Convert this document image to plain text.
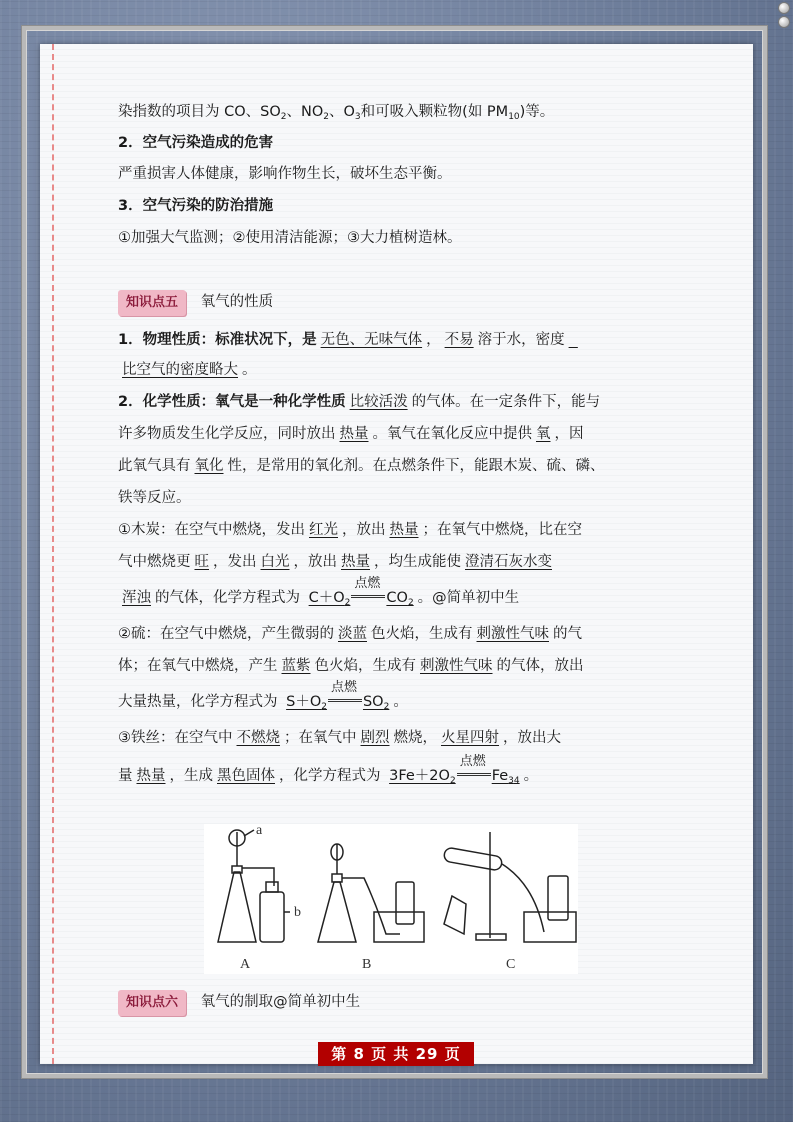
染指数的项目为 CO、$SO_2$、$NO_2$、$O_3$和可吸入颗粒物(如 $PM_{10}$)等。
2．空气污染造成的危害
严重损害人体健康，影响作物生长，破坏生态平衡。
3．空气污染的防治措施
①加强大气监测；②使用清洁能源；③大力植树造林。
知识点五 氧气的性质
1．物理性质：标准状况下，是 无色、无味气体 ， 不易 溶于水，密度
比空气的密度略大 。
2．化学性质：氧气是一种化学性质 比较活泼 的气体。在一定条件下，能与
许多物质发生化学反应，同时放出 热量 。氧气在氧化反应中提供 氧 ，因
此氧气具有 氧化 性，是常用的氧化剂。在点燃条件下，能跟木炭、硫、磷、
铁等反应。
①木炭：在空气中燃烧，发出 红光 ，放出 热量 ；在氧气中燃烧，比在空
气中燃烧更 旺 ，发出 白光 ，放出 热量 ，均生成能使 澄清石灰水变
浑浊 的气体，化学方程式为 $C+O_2$
点燃
$CO_2$ 。@简单初中生
②硫：在空气中燃烧，产生微弱的 淡蓝 色火焰，生成有 刺激性气味 的气
体；在氧气中燃烧，产生 蓝紫 色火焰，生成有 刺激性气味 的气体，放出
大量热量，化学方程式为 $S+O_2$
点燃
$SO_2$ 。
③铁丝：在空气中 不燃烧 ；在氧气中 剧烈 燃烧， 火星四射 ，放出大
量 热量 ，生成 黑色固体 ，化学方程式为 $3Fe+2O_2$
点燃
$Fe_{34}$ 。
知识点六 氧气的制取@简单初中生
a
b
A	B	C
第 8 页 共 29 页
